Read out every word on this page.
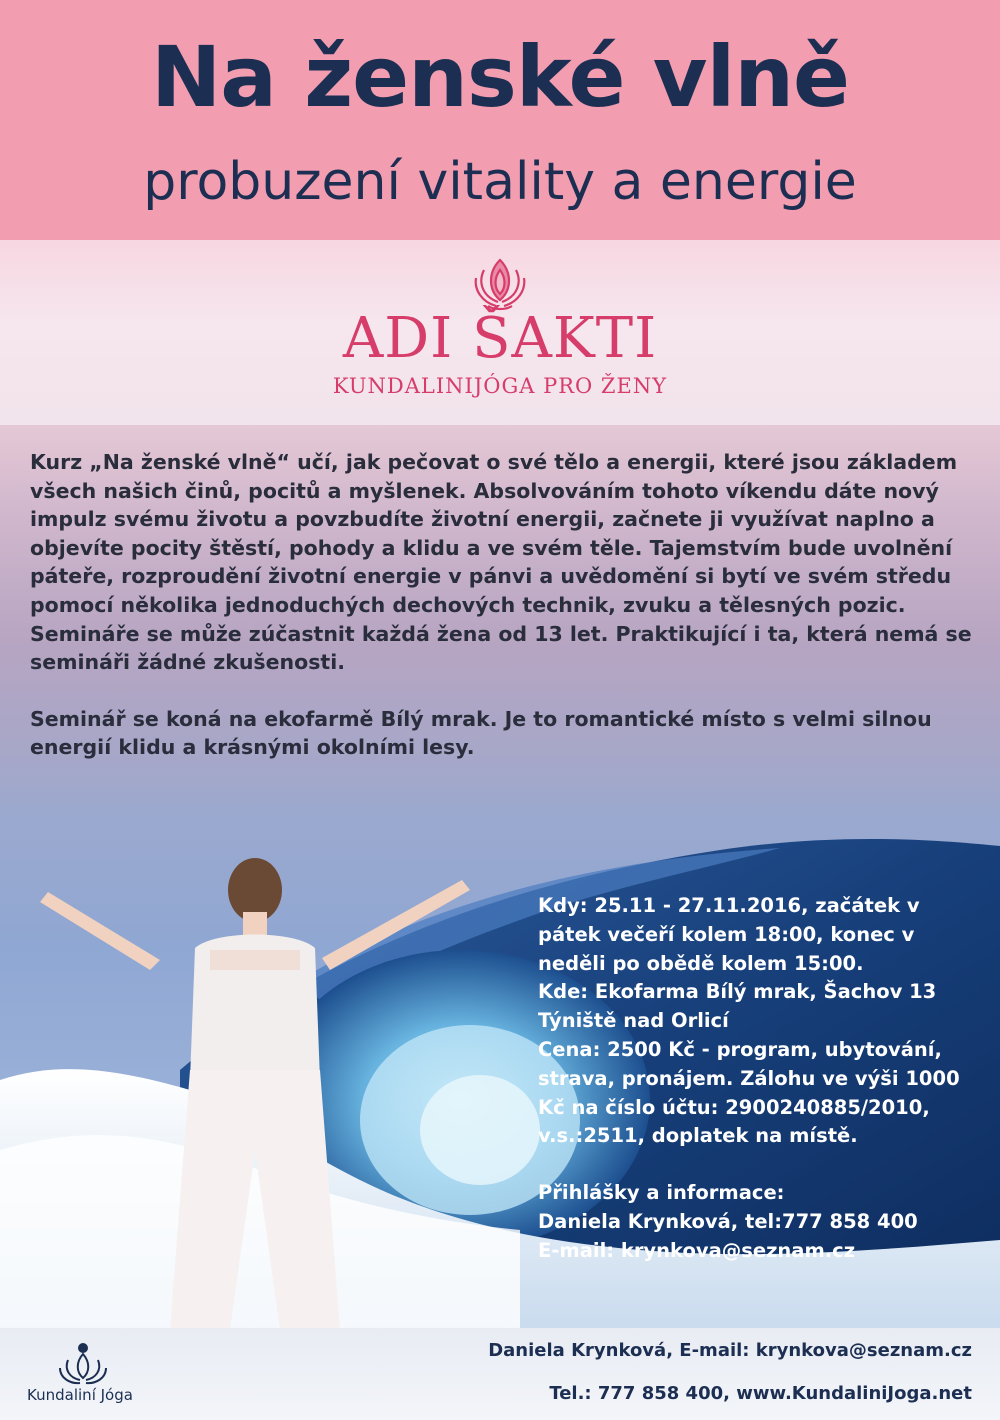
Na ženské vlně
probuzení vitality a energie
ADI ŠAKTI
KUNDALINIJÓGA PRO ŽENY

Kurz „Na ženské vlně“ učí, jak pečovat o své tělo a energii, které jsou základem všech našich činů, pocitů a myšlenek. Absolvováním tohoto víkendu dáte nový impulz svému životu a povzbudíte životní energii, začnete ji využívat naplno a objevíte pocity štěstí, pohody a klidu a ve svém těle. Tajemstvím bude uvolnění páteře, rozproudění životní energie v pánvi a uvědomění si bytí ve svém středu pomocí několika jednoduchých dechových technik, zvuku a tělesných pozic. Semináře se může zúčastnit každá žena od 13 let. Praktikující i ta, která nemá se semináři žádné zkušenosti.

Seminář se koná na ekofarmě Bílý mrak. Je to romantické místo s velmi silnou energií klidu a krásnými okolními lesy.

Kdy: 25.11 - 27.11.2016, začátek v pátek večeří kolem 18:00, konec v neděli po obědě kolem 15:00.
Kde: Ekofarma Bílý mrak, Šachov 13 Týniště nad Orlicí
Cena: 2500 Kč - program, ubytování, strava, pronájem. Zálohu ve výši 1000 Kč na číslo účtu: 2900240885/2010, v.s.:2511, doplatek na místě.
Přihlášky a informace:
Daniela Krynková, tel:777 858 400
E-mail: krynkova@seznam.cz
Kundaliní Jóga
Daniela Krynková, E-mail: krynkova@seznam.cz
Tel.: 777 858 400, www.KundaliniJoga.net
